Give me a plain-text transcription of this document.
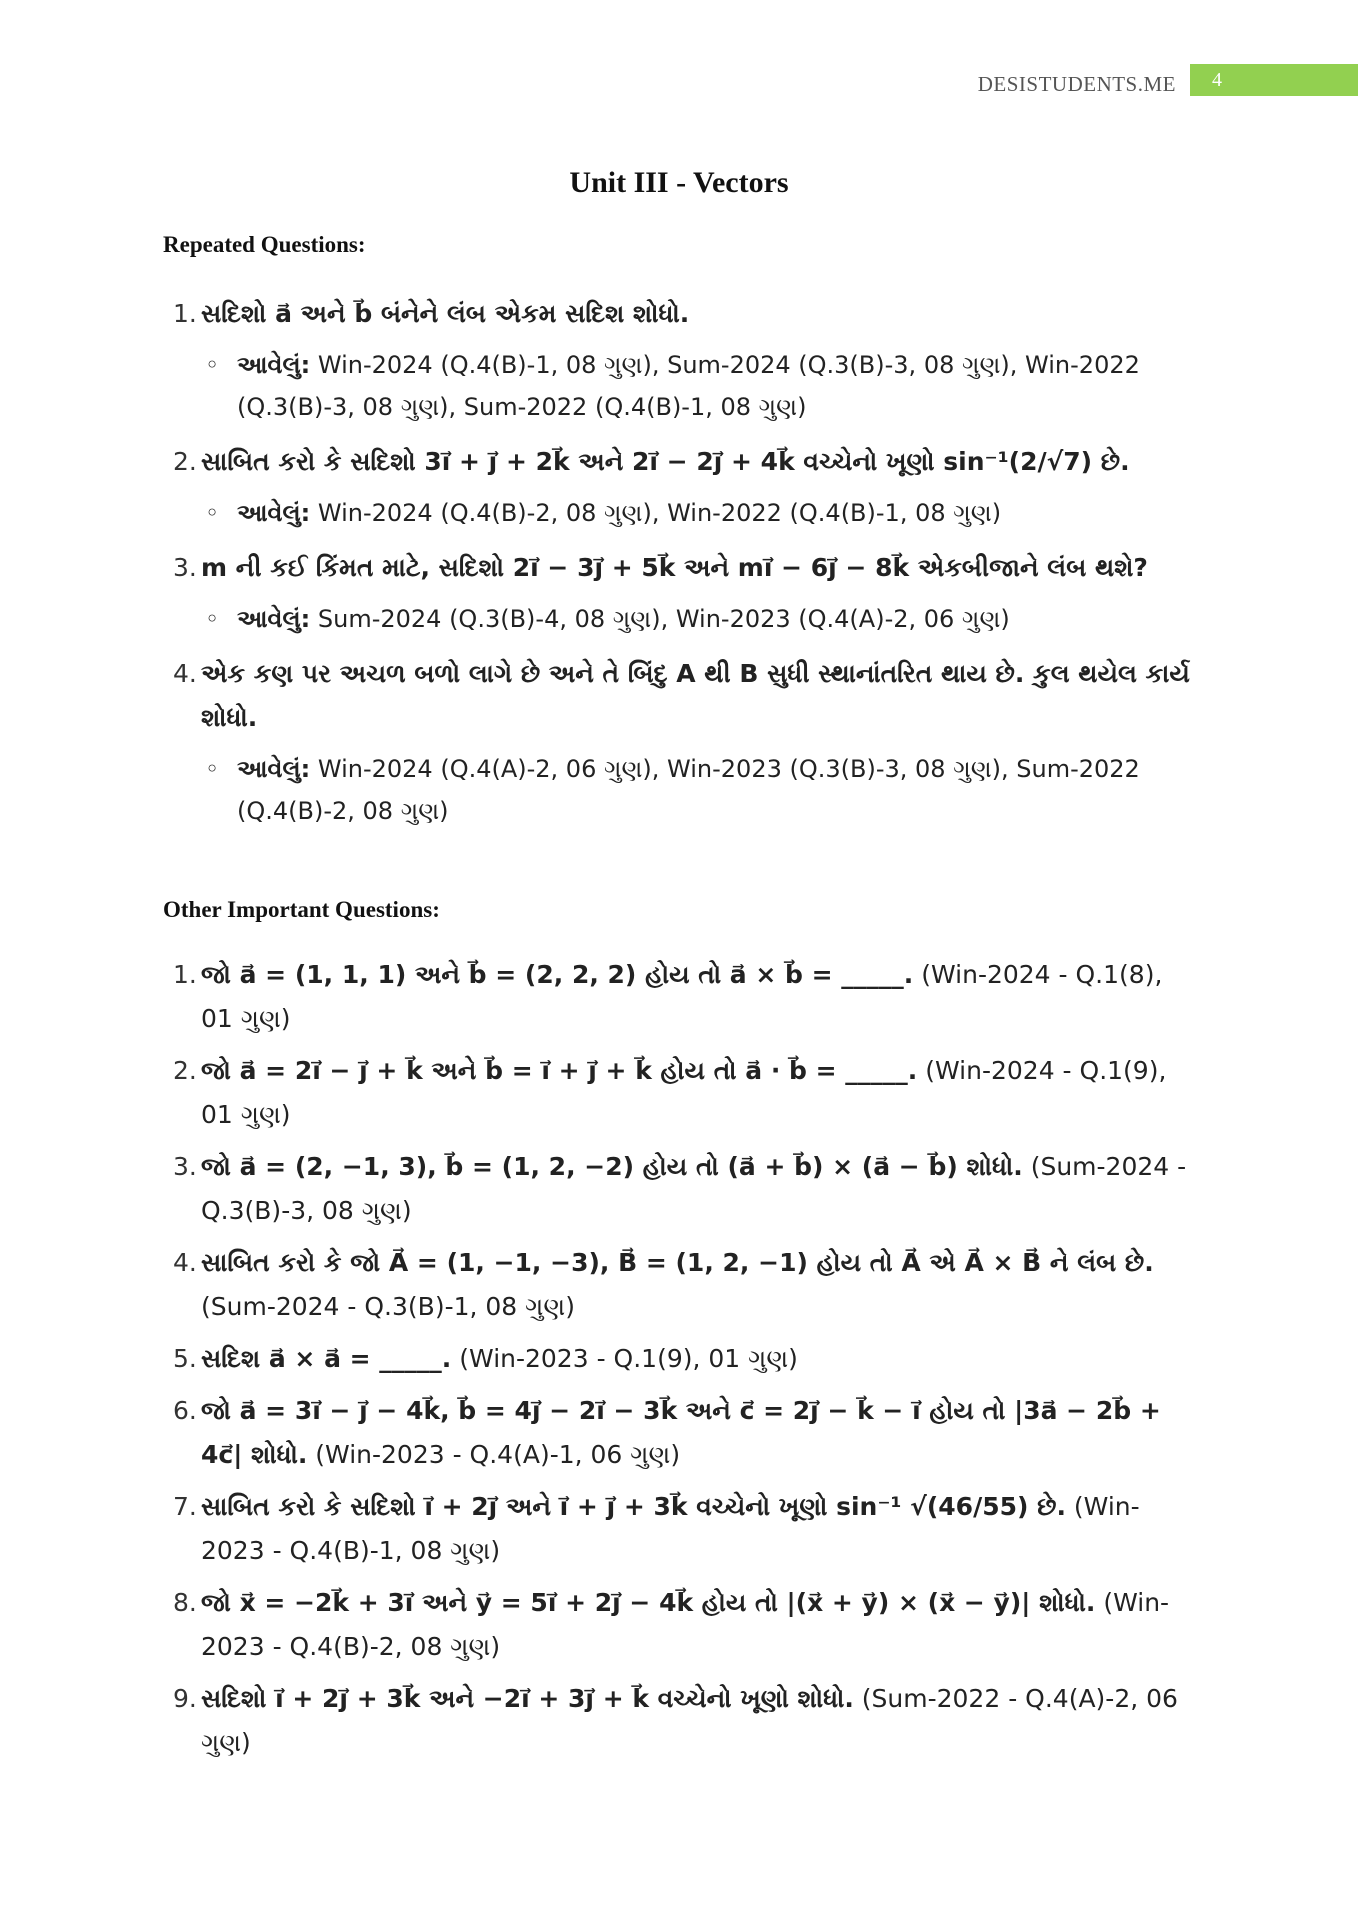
DESISTUDENTS.ME	4
Unit III - Vectors
Repeated Questions:
1. સદિશો a⃗ અને b⃗ બંનેને લંબ એકમ સદિશ શોધો.
◦ આવેલું: Win-2024 (Q.4(B)-1, 08 ગુણ), Sum-2024 (Q.3(B)-3, 08 ગુણ), Win-2022 (Q.3(B)-3, 08 ગુણ), Sum-2022 (Q.4(B)-1, 08 ગુણ)
2. સાબિત કરો કે સદિશો 3i⃗ + j⃗ + 2k⃗ અને 2i⃗ − 2j⃗ + 4k⃗ વચ્ચેનો ખૂણો sin⁻¹(2/√7) છે.
◦ આવેલું: Win-2024 (Q.4(B)-2, 08 ગુણ), Win-2022 (Q.4(B)-1, 08 ગુણ)
3. m ની કઈ કિંમત માટે, સદિશો 2i⃗ − 3j⃗ + 5k⃗ અને mi⃗ − 6j⃗ − 8k⃗ એકબીજાને લંબ થશે?
◦ આવેલું: Sum-2024 (Q.3(B)-4, 08 ગુણ), Win-2023 (Q.4(A)-2, 06 ગુણ)
4. એક કણ પર અચળ બળો લાગે છે અને તે બિંદુ A થી B સુધી સ્થાનાંતરિત થાય છે. કુલ થયેલ કાર્ય શોધો.
◦ આવેલું: Win-2024 (Q.4(A)-2, 06 ગુણ), Win-2023 (Q.3(B)-3, 08 ગુણ), Sum-2022 (Q.4(B)-2, 08 ગુણ)
Other Important Questions:
1. જો a⃗ = (1, 1, 1) અને b⃗ = (2, 2, 2) હોય તો a⃗ × b⃗ = _____. (Win-2024 - Q.1(8), 01 ગુણ)
2. જો a⃗ = 2i⃗ − j⃗ + k⃗ અને b⃗ = i⃗ + j⃗ + k⃗ હોય તો a⃗ · b⃗ = _____. (Win-2024 - Q.1(9), 01 ગુણ)
3. જો a⃗ = (2, −1, 3), b⃗ = (1, 2, −2) હોય તો (a⃗ + b⃗) × (a⃗ − b⃗) શોધો. (Sum-2024 - Q.3(B)-3, 08 ગુણ)
4. સાબિત કરો કે જો A⃗ = (1, −1, −3), B⃗ = (1, 2, −1) હોય તો A⃗ એ A⃗ × B⃗ ને લંબ છે. (Sum-2024 - Q.3(B)-1, 08 ગુણ)
5. સદિશ a⃗ × a⃗ = _____. (Win-2023 - Q.1(9), 01 ગુણ)
6. જો a⃗ = 3i⃗ − j⃗ − 4k⃗, b⃗ = 4j⃗ − 2i⃗ − 3k⃗ અને c⃗ = 2j⃗ − k⃗ − i⃗ હોય તો |3a⃗ − 2b⃗ + 4c⃗| શોધો. (Win-2023 - Q.4(A)-1, 06 ગુણ)
7. સાબિત કરો કે સદિશો i⃗ + 2j⃗ અને i⃗ + j⃗ + 3k⃗ વચ્ચેનો ખૂણો sin⁻¹ √(46/55) છે. (Win-2023 - Q.4(B)-1, 08 ગુણ)
8. જો x⃗ = −2k⃗ + 3i⃗ અને y⃗ = 5i⃗ + 2j⃗ − 4k⃗ હોય તો |(x⃗ + y⃗) × (x⃗ − y⃗)| શોધો. (Win-2023 - Q.4(B)-2, 08 ગુણ)
9. સદિશો i⃗ + 2j⃗ + 3k⃗ અને −2i⃗ + 3j⃗ + k⃗ વચ્ચેનો ખૂણો શોધો. (Sum-2022 - Q.4(A)-2, 06 ગુણ)
